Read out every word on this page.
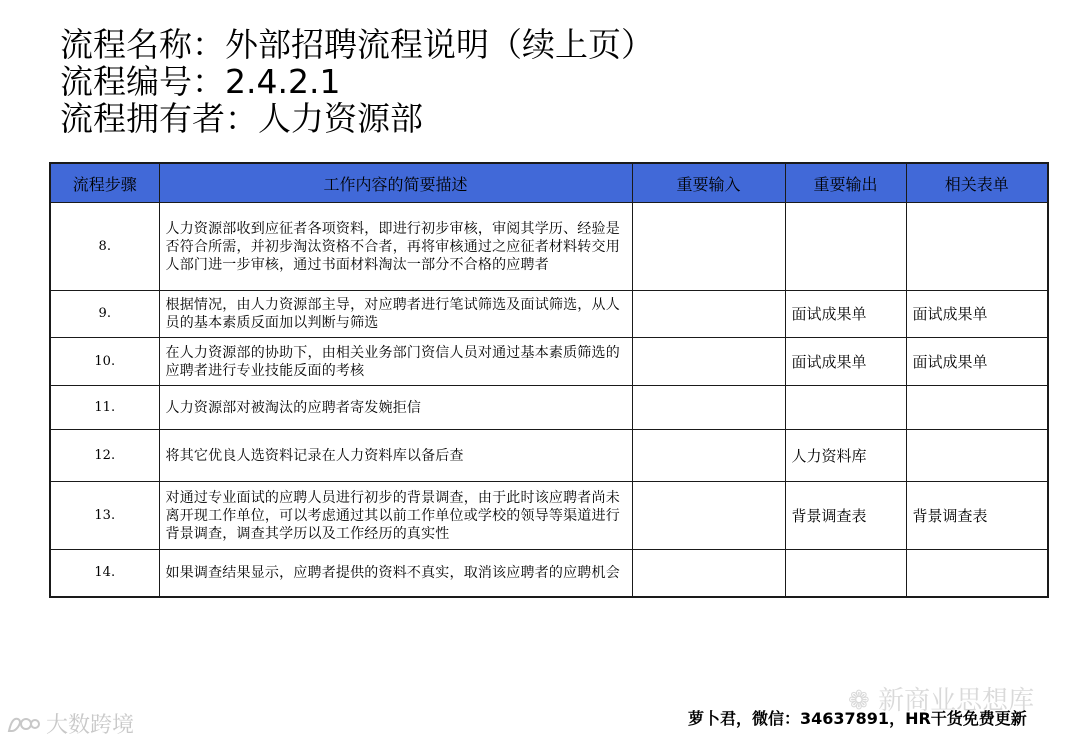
流程名称：外部招聘流程说明（续上页）
流程编号：2.4.2.1
流程拥有者：人力资源部
流程步骤	工作内容的简要描述	重要输入	重要输出	相关表单
8.	人力资源部收到应征者各项资料，即进行初步审核，审阅其学历、经验是否符合所需，并初步淘汰资格不合者，再将审核通过之应征者材料转交用人部门进一步审核，通过书面材料淘汰一部分不合格的应聘者			
9.	根据情况，由人力资源部主导，对应聘者进行笔试筛选及面试筛选，从人员的基本素质反面加以判断与筛选		面试成果单	面试成果单
10.	在人力资源部的协助下，由相关业务部门资信人员对通过基本素质筛选的应聘者进行专业技能反面的考核		面试成果单	面试成果单
11.	人力资源部对被淘汰的应聘者寄发婉拒信			
12.	将其它优良人选资料记录在人力资料库以备后查		人力资料库	
13.	对通过专业面试的应聘人员进行初步的背景调查，由于此时该应聘者尚未离开现工作单位，可以考虑通过其以前工作单位或学校的领导等渠道进行背景调查，调查其学历以及工作经历的真实性		背景调查表	背景调查表
14.	如果调查结果显示，应聘者提供的资料不真实，取消该应聘者的应聘机会			
❁ 新商业思想库
萝卜君，微信：34637891，HR干货免费更新
大数跨境
